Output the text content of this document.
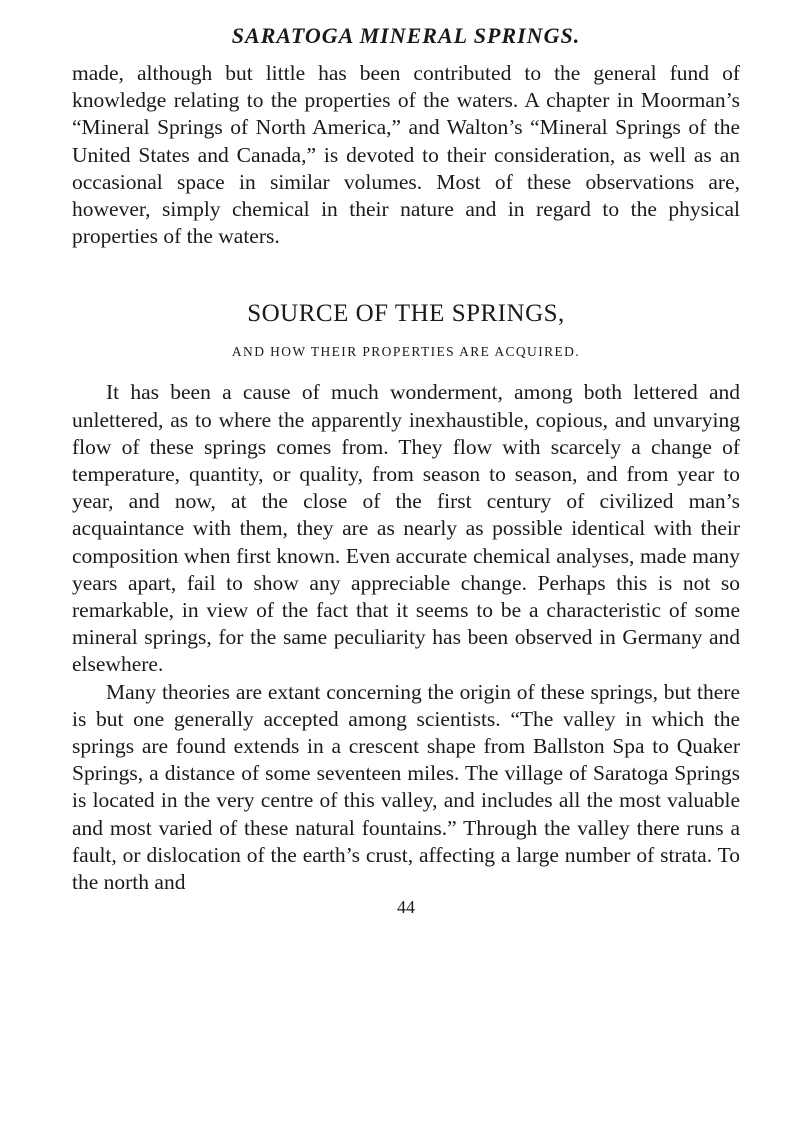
SARATOGA MINERAL SPRINGS.

made, although but little has been contributed to the general fund of knowledge relating to the properties of the waters. A chapter in Moorman’s “Mineral Springs of North America,” and Walton’s “Mineral Springs of the United States and Canada,” is devoted to their consideration, as well as an occasional space in similar volumes. Most of these observations are, however, simply chemical in their nature and in regard to the physical properties of the waters.

SOURCE OF THE SPRINGS,
AND HOW THEIR PROPERTIES ARE ACQUIRED.

It has been a cause of much wonderment, among both lettered and unlettered, as to where the apparently inexhaustible, copious, and unvarying flow of these springs comes from. They flow with scarcely a change of temperature, quantity, or quality, from season to season, and from year to year, and now, at the close of the first century of civilized man’s acquaintance with them, they are as nearly as possible identical with their composition when first known. Even accurate chemical analyses, made many years apart, fail to show any appreciable change. Perhaps this is not so remarkable, in view of the fact that it seems to be a characteristic of some mineral springs, for the same peculiarity has been observed in Germany and elsewhere.

Many theories are extant concerning the origin of these springs, but there is but one generally accepted among scientists. “The valley in which the springs are found extends in a crescent shape from Ballston Spa to Quaker Springs, a distance of some seventeen miles. The village of Saratoga Springs is located in the very centre of this valley, and includes all the most valuable and most varied of these natural fountains.” Through the valley there runs a fault, or dislocation of the earth’s crust, affecting a large number of strata. To the north and

44
